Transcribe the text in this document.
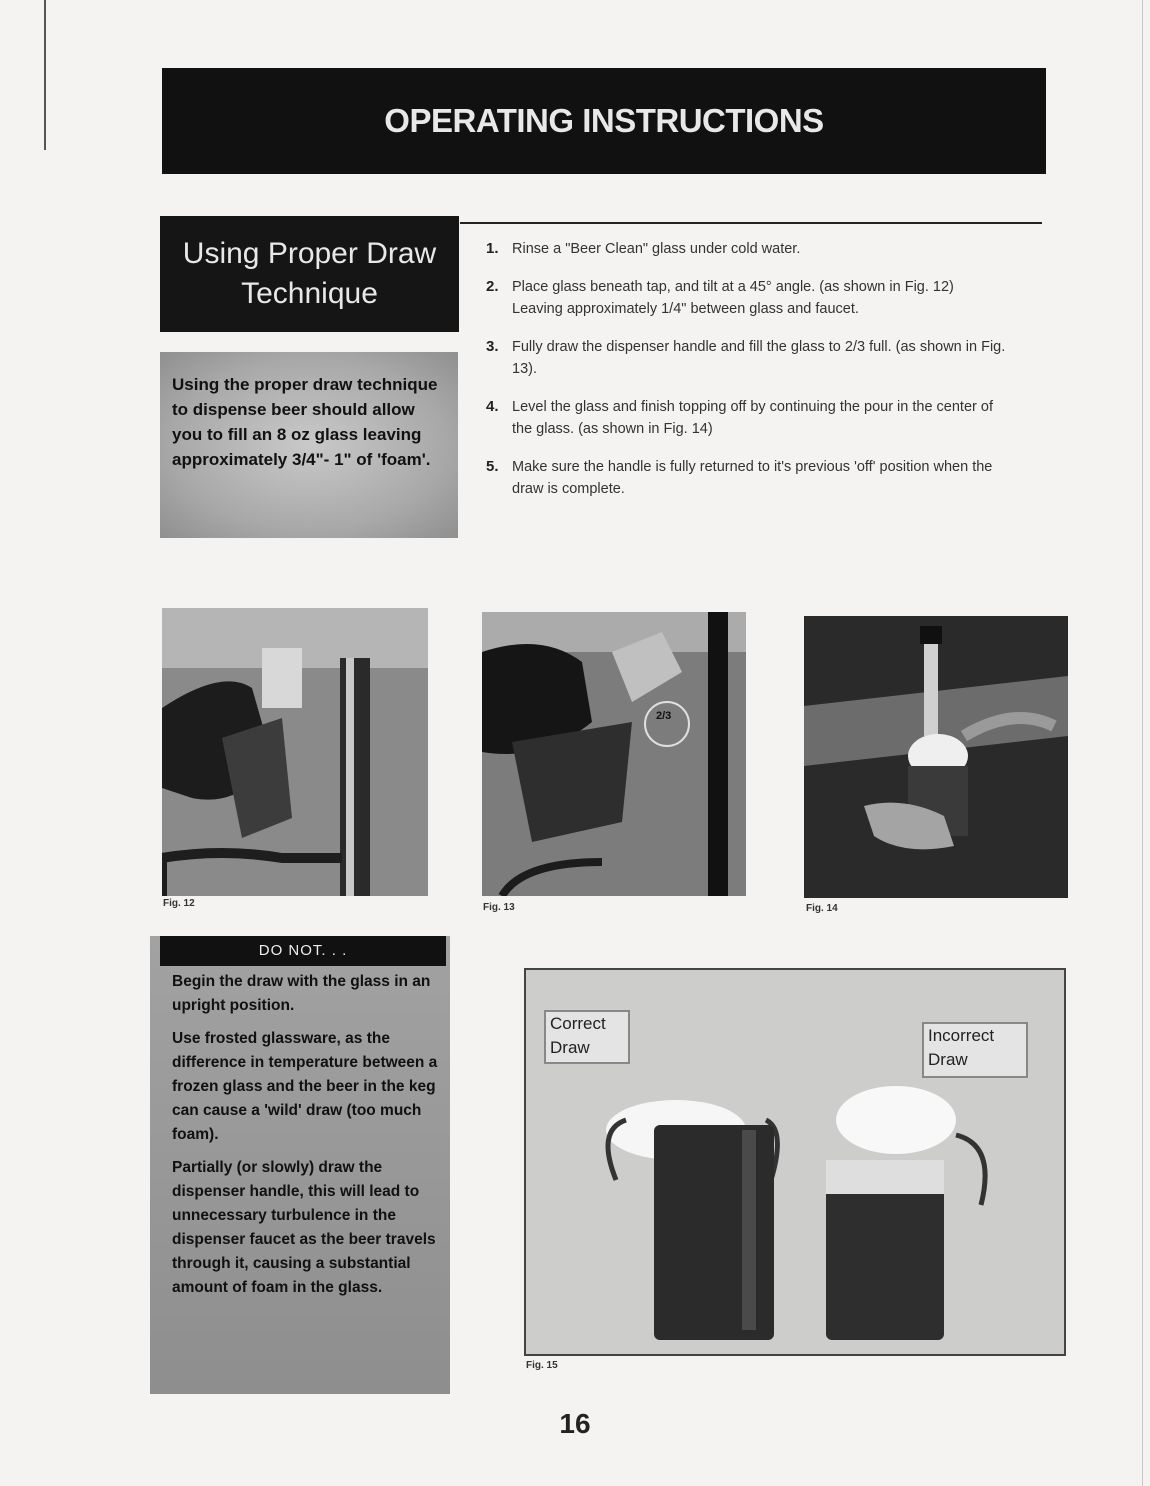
OPERATING INSTRUCTIONS
Using Proper Draw
Technique
Using the proper draw technique to dispense beer should allow you to fill an 8 oz glass leaving approximately 3/4"- 1" of 'foam'.
1. Rinse a "Beer Clean" glass under cold water.
2. Place glass beneath tap, and tilt at a 45° angle. (as shown in Fig. 12) Leaving approximately 1/4" between glass and faucet.
3. Fully draw the dispenser handle and fill the glass to 2/3 full. (as shown in Fig. 13).
4. Level the glass and finish topping off by continuing the pour in the center of the glass. (as shown in Fig. 14)
5. Make sure the handle is fully returned to it's previous 'off' position when the draw is complete.
Fig. 12
2/3
Fig. 13	Fig. 14
DO NOT. . .
Begin the draw with the glass in an upright position.
Use frosted glassware, as the difference in temperature between a frozen glass and the beer in the keg can cause a 'wild' draw (too much foam).
Partially (or slowly) draw the dispenser handle, this will lead to unnecessary turbulence in the dispenser faucet as the beer travels through it, causing a substantial amount of foam in the glass.
Correct
Draw
Incorrect
Draw
Fig. 15
16
